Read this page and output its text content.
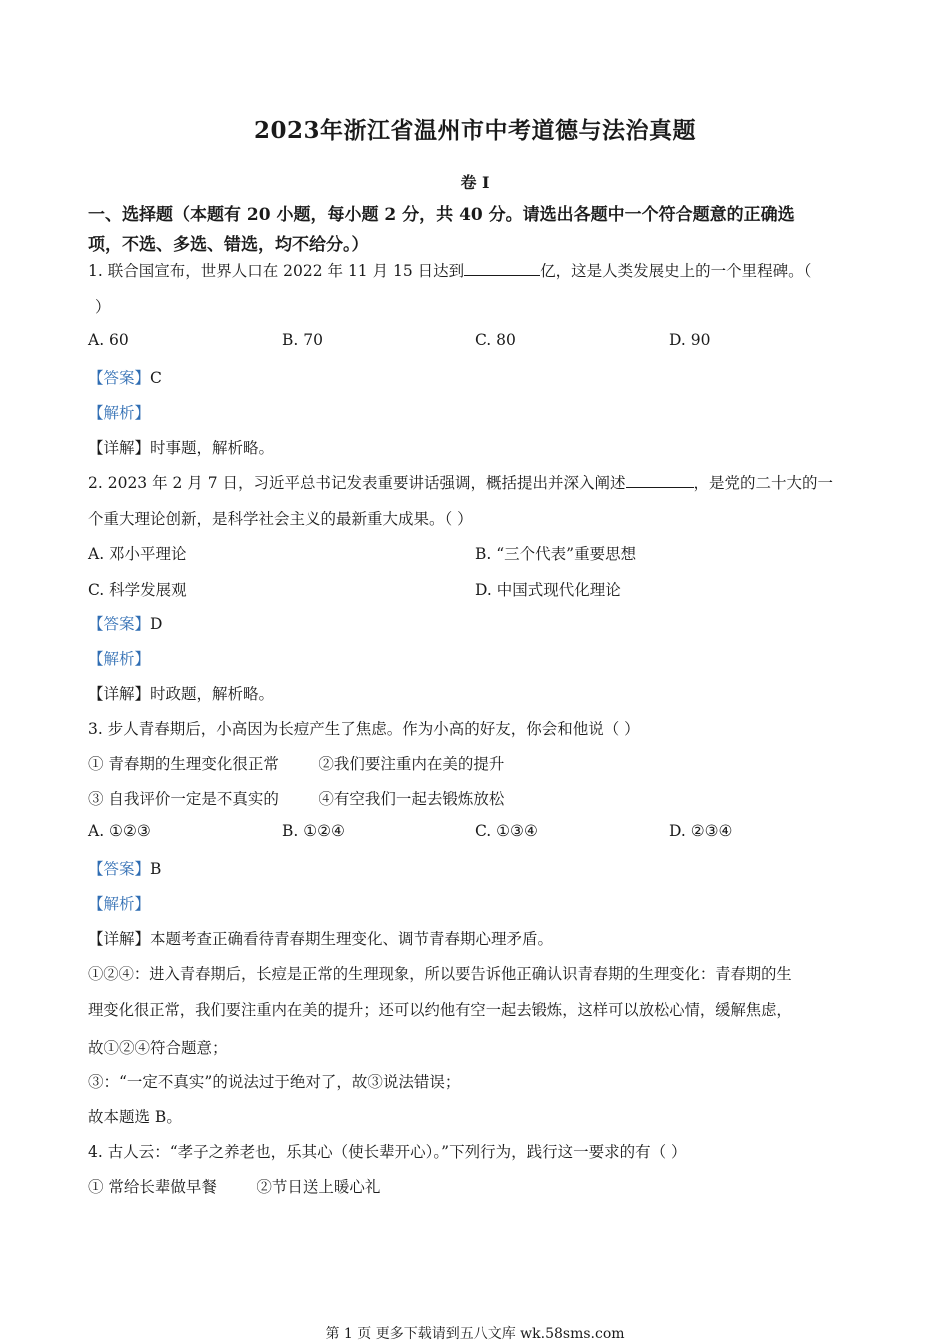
2023年浙江省温州市中考道德与法治真题
卷 I
一、选择题（本题有 20 小题，每小题 2 分，共 40 分。请选出各题中一个符合题意的正确选
项，不选、多选、错选，均不给分。）
1. 联合国宣布，世界人口在 2022 年 11 月 15 日达到	亿，这是人类发展史上的一个里程碑。（
）
A. 60	B. 70	C. 80	D. 90
【答案】C
【解析】
【详解】时事题，解析略。
2. 2023 年 2 月 7 日，习近平总书记发表重要讲话强调，概括提出并深入阐述	，是党的二十大的一
个重大理论创新，是科学社会主义的最新重大成果。（ ）
A. 邓小平理论	B. “三个代表”重要思想
C. 科学发展观	D. 中国式现代化理论
【答案】D
【解析】
【详解】时政题，解析略。
3. 步人青春期后，小高因为长痘产生了焦虑。作为小高的好友，你会和他说（ ）
① 青春期的生理变化很正常        ②我们要注重内在美的提升
③ 自我评价一定是不真实的        ④有空我们一起去锻炼放松
A. ①②③	B. ①②④	C. ①③④	D. ②③④
【答案】B
【解析】
【详解】本题考查正确看待青春期生理变化、调节青春期心理矛盾。
①②④：进入青春期后，长痘是正常的生理现象，所以要告诉他正确认识青春期的生理变化：青春期的生
理变化很正常，我们要注重内在美的提升；还可以约他有空一起去锻炼，这样可以放松心情，缓解焦虑，
故①②④符合题意；
③：“一定不真实”的说法过于绝对了，故③说法错误；
故本题选 B。
4. 古人云：“孝子之养老也，乐其心（使长辈开心）。”下列行为，践行这一要求的有（ ）
① 常给长辈做早餐        ②节日送上暖心礼
第 1 页 更多下载请到五八文库 wk.58sms.com
